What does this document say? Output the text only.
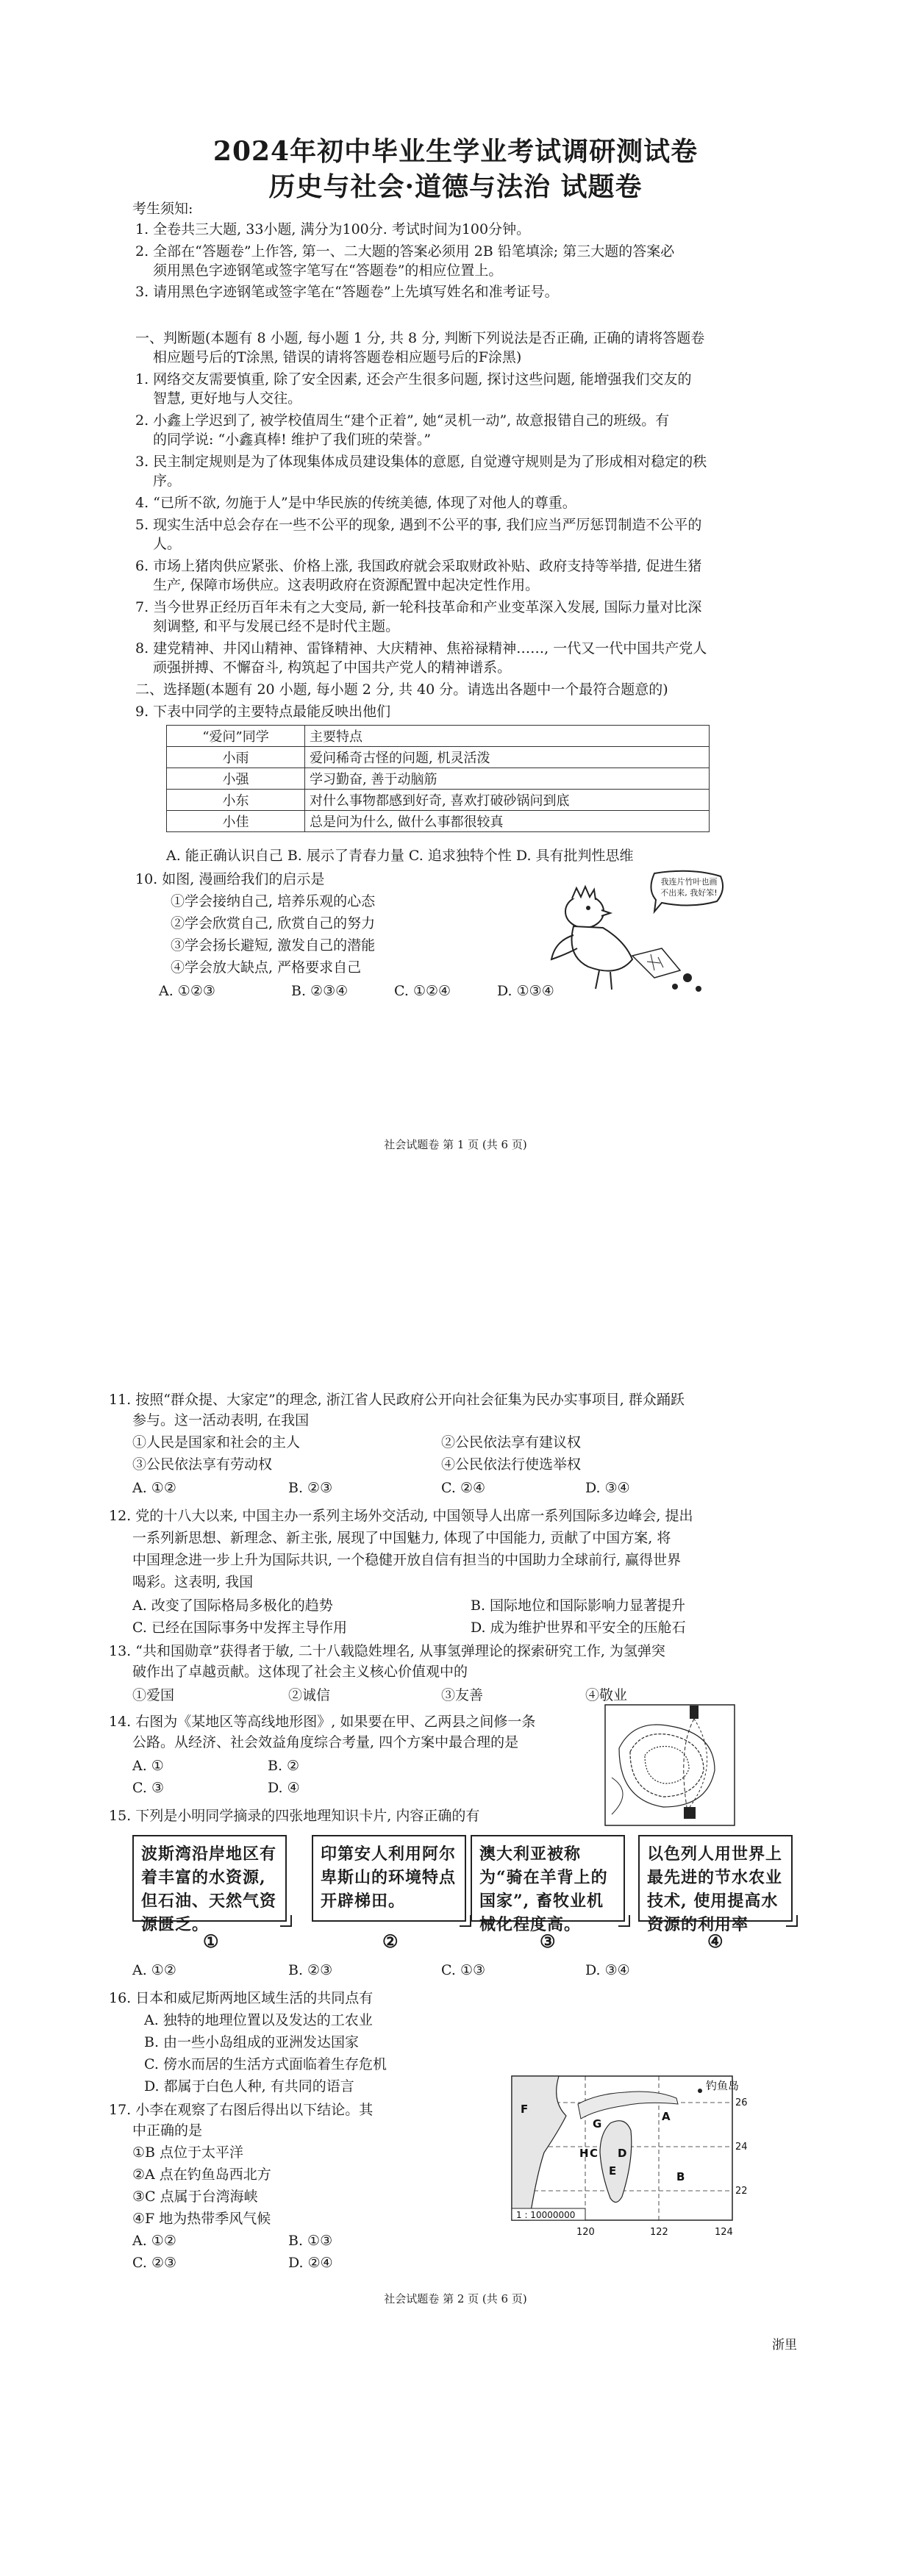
2024年初中毕业生学业考试调研测试卷
历史与社会·道德与法治 试题卷
考生须知:
1. 全卷共三大题, 33小题, 满分为100分. 考试时间为100分钟。
2. 全部在“答题卷”上作答, 第一、二大题的答案必须用 2B 铅笔填涂; 第三大题的答案必
须用黑色字迹钢笔或签字笔写在“答题卷”的相应位置上。
3. 请用黑色字迹钢笔或签字笔在“答题卷”上先填写姓名和准考证号。
一、判断题(本题有 8 小题, 每小题 1 分, 共 8 分, 判断下列说法是否正确, 正确的请将答题卷
相应题号后的T涂黑, 错误的请将答题卷相应题号后的F涂黑)
1. 网络交友需要慎重, 除了安全因素, 还会产生很多问题, 探讨这些问题, 能增强我们交友的
智慧, 更好地与人交往。
2. 小鑫上学迟到了, 被学校值周生“建个正着”, 她“灵机一动”, 故意报错自己的班级。有
的同学说: “小鑫真棒! 维护了我们班的荣誉。”
3. 民主制定规则是为了体现集体成员建设集体的意愿, 自觉遵守规则是为了形成相对稳定的秩
序。
4. “已所不欲, 勿施于人”是中华民族的传统美德, 体现了对他人的尊重。
5. 现实生活中总会存在一些不公平的现象, 遇到不公平的事, 我们应当严厉惩罚制造不公平的
人。
6. 市场上猪肉供应紧张、价格上涨, 我国政府就会采取财政补贴、政府支持等举措, 促进生猪
生产, 保障市场供应。这表明政府在资源配置中起决定性作用。
7. 当今世界正经历百年未有之大变局, 新一轮科技革命和产业变革深入发展, 国际力量对比深
刻调整, 和平与发展已经不是时代主题。
8. 建党精神、井冈山精神、雷锋精神、大庆精神、焦裕禄精神……, 一代又一代中国共产党人
顽强拼搏、不懈奋斗, 构筑起了中国共产党人的精神谱系。
二、选择题(本题有 20 小题, 每小题 2 分, 共 40 分。请选出各题中一个最符合题意的)
9. 下表中同学的主要特点最能反映出他们
“爱问”同学	主要特点
小雨	爱问稀奇古怪的问题, 机灵活泼
小强	学习勤奋, 善于动脑筋
小东	对什么事物都感到好奇, 喜欢打破砂锅问到底
小佳	总是问为什么, 做什么事都很较真
A. 能正确认识自己 B. 展示了青春力量 C. 追求独特个性 D. 具有批判性思维
10. 如图, 漫画给我们的启示是
①学会接纳自己, 培养乐观的心态
②学会欣赏自己, 欣赏自己的努力
③学会扬长避短, 激发自己的潜能
④学会放大缺点, 严格要求自己
A. ①②③	B. ②③④	C. ①②④	D. ①③④
我连片竹叶也画不出来, 我好笨!
社会试题卷 第 1 页 (共 6 页)
11. 按照“群众提、大家定”的理念, 浙江省人民政府公开向社会征集为民办实事项目, 群众踊跃
参与。这一活动表明, 在我国
①人民是国家和社会的主人	②公民依法享有建议权
③公民依法享有劳动权	④公民依法行使选举权
A. ①②	B. ②③	C. ②④	D. ③④
12. 党的十八大以来, 中国主办一系列主场外交活动, 中国领导人出席一系列国际多边峰会, 提出
一系列新思想、新理念、新主张, 展现了中国魅力, 体现了中国能力, 贡献了中国方案, 将
中国理念进一步上升为国际共识, 一个稳健开放自信有担当的中国助力全球前行, 赢得世界
喝彩。这表明, 我国
A. 改变了国际格局多极化的趋势	B. 国际地位和国际影响力显著提升
C. 已经在国际事务中发挥主导作用	D. 成为维护世界和平安全的压舱石
13. “共和国勋章”获得者于敏, 二十八载隐姓埋名, 从事氢弹理论的探索研究工作, 为氢弹突
破作出了卓越贡献。这体现了社会主义核心价值观中的
①爱国	②诚信	③友善	④敬业
14. 右图为《某地区等高线地形图》, 如果要在甲、乙两县之间修一条
公路。从经济、社会效益角度综合考量, 四个方案中最合理的是
A. ①	B. ②
C. ③	D. ④
15. 下列是小明同学摘录的四张地理知识卡片, 内容正确的有
波斯湾沿岸地区有着丰富的水资源, 但石油、天然气资源匮乏。
印第安人利用阿尔卑斯山的环境特点开辟梯田。
澳大利亚被称为“骑在羊背上的国家”, 畜牧业机械化程度高。
以色列人用世界上最先进的节水农业技术, 使用提高水资源的利用率
①	②	③	④
A. ①②	B. ②③	C. ①③	D. ③④
16. 日本和威尼斯两地区域生活的共同点有
A. 独特的地理位置以及发达的工农业
B. 由一些小岛组成的亚洲发达国家
C. 傍水而居的生活方式面临着生存危机
D. 都属于白色人种, 有共同的语言
17. 小李在观察了右图后得出以下结论。其
中正确的是
①B 点位于太平洋
②A 点在钓鱼岛西北方
③C 点属于台湾海峡
④F 地为热带季风气候
A. ①②	B. ①③
C. ②③	D. ②④
钓鱼岛
26
24
22
120	122	124
F
A
B
C D
E
G
H
1 : 10000000
社会试题卷 第 2 页 (共 6 页)
浙里
